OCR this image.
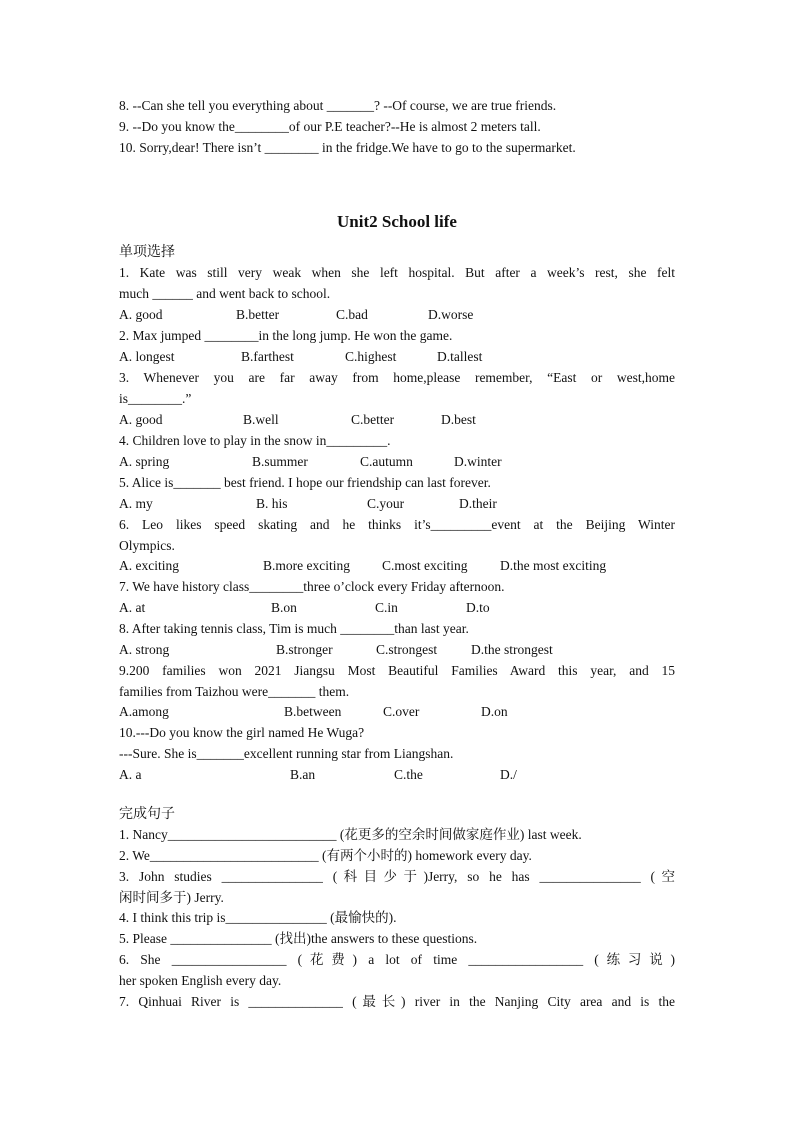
8. --Can she tell you everything about _______? --Of course, we are true friends.
9. --Do you know the________of our P.E teacher?--He is almost 2 meters tall.
10. Sorry,dear! There isn’t ________ in the fridge.We have to go to the supermarket.
Unit2 School life
单项选择
1. Kate was still very weak when she left hospital. But after a week’s rest, she felt
much ______ and went back to school.
A. good	B.better	C.bad	D.worse
2. Max jumped ________in the long jump. He won the game.
A. longest	B.farthest	C.highest	D.tallest
3. Whenever you are far away from home,please remember, “East or west,home
is________.”
A. good	B.well	C.better	D.best
4. Children love to play in the snow in_________.
A. spring	B.summer	C.autumn	D.winter
5. Alice is_______ best friend. I hope our friendship can last forever.
A. my	B. his	C.your	D.their
6. Leo likes speed skating and he thinks it’s_________event at the Beijing Winter
Olympics.
A. exciting	B.more exciting	C.most exciting	D.the most exciting
7. We have history class________three o’clock every Friday afternoon.
A. at	B.on	C.in	D.to
8. After taking tennis class, Tim is much ________than last year.
A. strong	B.stronger	C.strongest	D.the strongest
9.200 families won 2021 Jiangsu Most Beautiful Families Award this year, and 15
families from Taizhou were_______ them.
A.among	B.between	C.over	D.on
10.---Do you know the girl named He Wuga?
---Sure. She is_______excellent running star from Liangshan.
A. a	B.an	C.the	D./
完成句子
1. Nancy_________________________ (花更多的空余时间做家庭作业) last week.
2. We_________________________ (有两个小时的) homework every day.
3. John studies _______________ (科目少于)Jerry, so he has _______________ (空
闲时间多于) Jerry.
4. I think this trip is_______________ (最愉快的).
5. Please _______________ (找出)the answers to these questions.
6. She _________________ (花费) a lot of time _________________ (练习说)
her spoken English every day.
7. Qinhuai River is ______________ (最长) river in the Nanjing City area and is the
